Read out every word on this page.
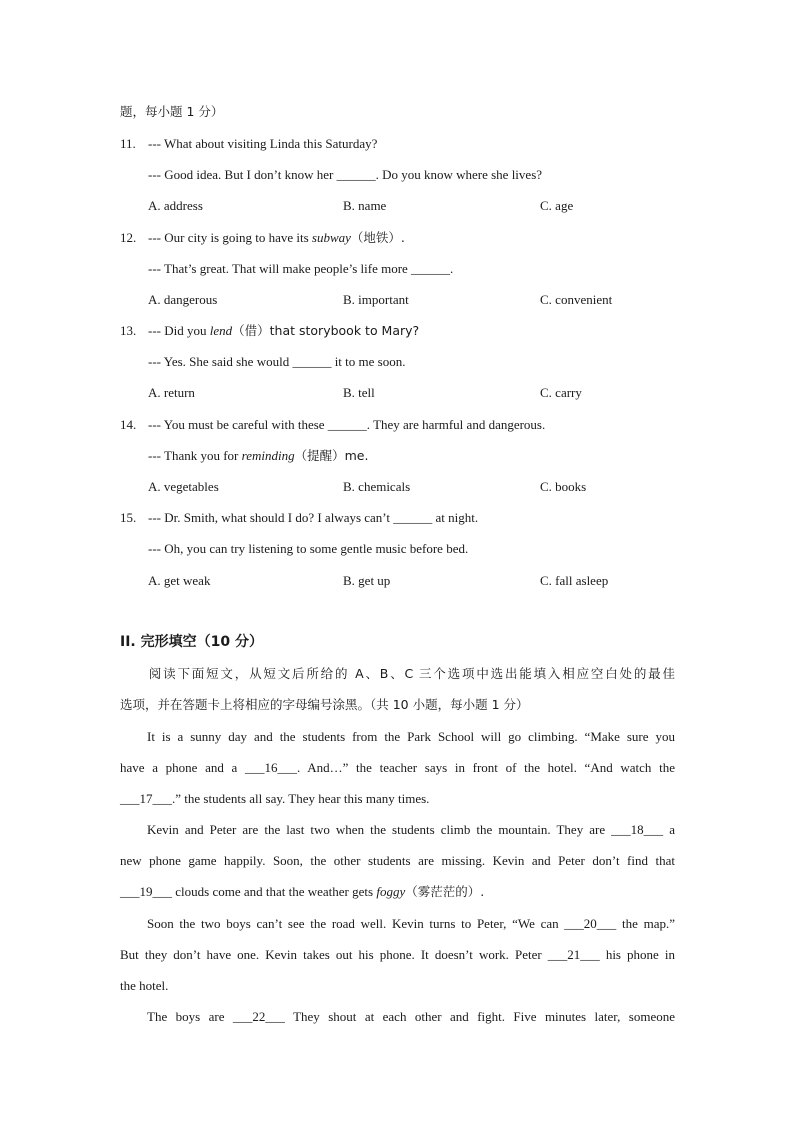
题，每小题 1 分）
11. --- What about visiting Linda this Saturday?
--- Good idea. But I don’t know her ______. Do you know where she lives?
A. address	B. name	C. age
12. --- Our city is going to have its subway（地铁）.
--- That’s great. That will make people’s life more ______.
A. dangerous	B. important	C. convenient
13. --- Did you lend（借）that storybook to Mary?
--- Yes. She said she would ______ it to me soon.
A. return	B. tell	C. carry
14. --- You must be careful with these ______. They are harmful and dangerous.
--- Thank you for reminding（提醒）me.
A. vegetables	B. chemicals	C. books
15. --- Dr. Smith, what should I do? I always can’t ______ at night.
--- Oh, you can try listening to some gentle music before bed.
A. get weak	B. get up	C. fall asleep
II. 完形填空（10 分）
阅读下面短文，从短文后所给的 A、B、C 三个选项中选出能填入相应空白处的最佳
选项，并在答题卡上将相应的字母编号涂黑。（共 10 小题，每小题 1 分）
It is a sunny day and the students from the Park School will go climbing. “Make sure you
have a phone and a ___16___. And…” the teacher says in front of the hotel. “And watch the
___17___.” the students all say. They hear this many times.
Kevin and Peter are the last two when the students climb the mountain. They are ___18___ a
new phone game happily. Soon, the other students are missing. Kevin and Peter don’t find that
___19___ clouds come and that the weather gets foggy（雾茫茫的）.
Soon the two boys can’t see the road well. Kevin turns to Peter, “We can ___20___ the map.”
But they don’t have one. Kevin takes out his phone. It doesn’t work. Peter ___21___ his phone in
the hotel.
The boys are ___22___ They shout at each other and fight. Five minutes later, someone
